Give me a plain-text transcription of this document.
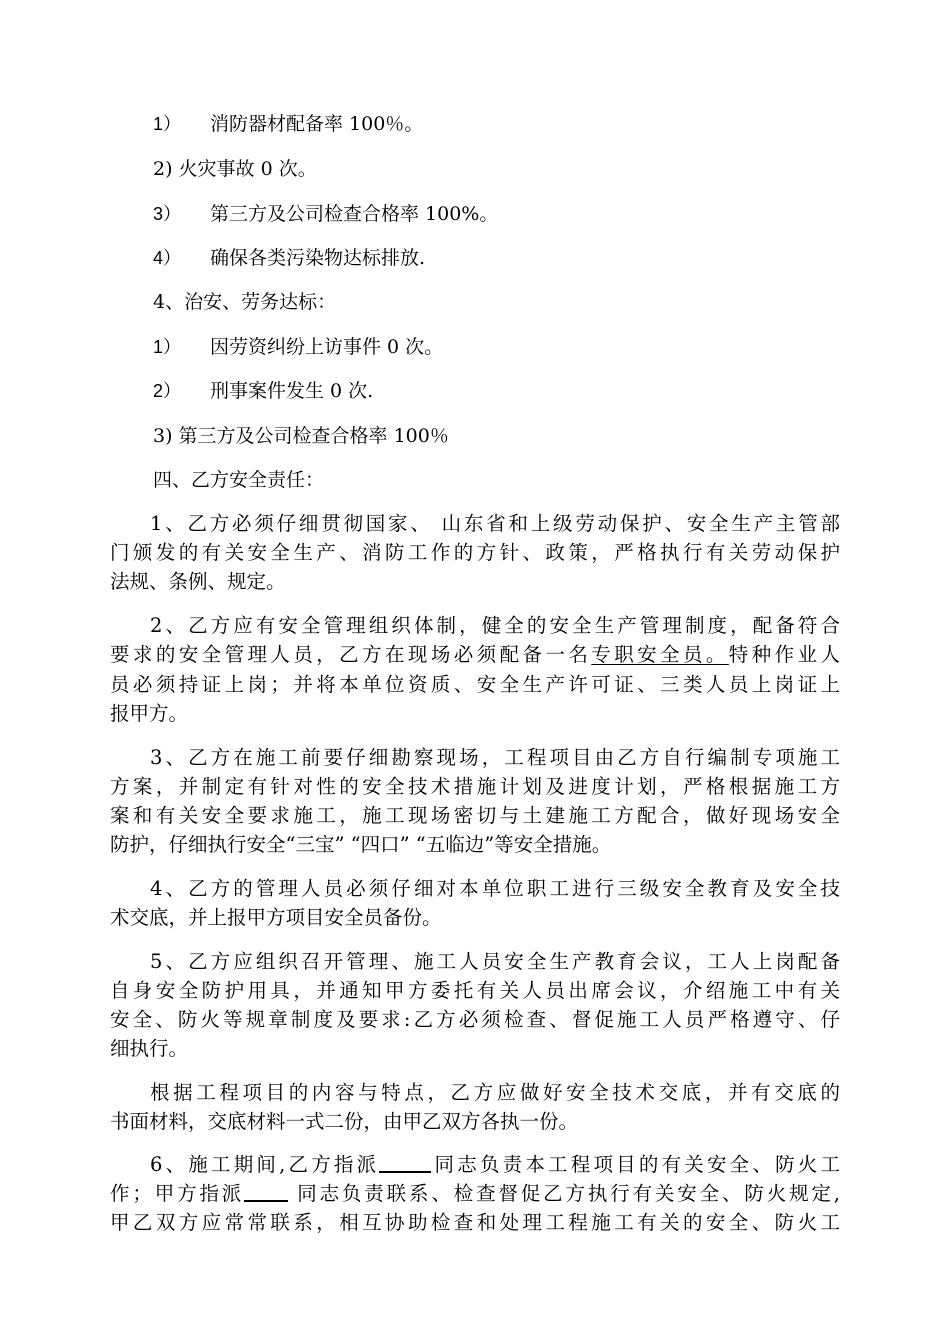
1） 消防器材配备率 100％。
2) 火灾事故 0 次。
3） 第三方及公司检查合格率 100%。
4） 确保各类污染物达标排放.
4、治安、劳务达标：
1） 因劳资纠纷上访事件 0 次。
2） 刑事案件发生 0 次.
3) 第三方及公司检查合格率 100％
四、乙方安全责任：
1、乙方必须仔细贯彻国家、 山东省和上级劳动保护、安全生产主管部
门颁发的有关安全生产、消防工作的方针、政策，严格执行有关劳动保护
法规、条例、规定。
2、乙方应有安全管理组织体制，健全的安全生产管理制度，配备符合
要求的安全管理人员，乙方在现场必须配备一名专职安全员。特种作业人
员必须持证上岗；并将本单位资质、安全生产许可证、三类人员上岗证上
报甲方。
3、乙方在施工前要仔细勘察现场，工程项目由乙方自行编制专项施工
方案，并制定有针对性的安全技术措施计划及进度计划，严格根据施工方
案和有关安全要求施工，施工现场密切与土建施工方配合，做好现场安全
防护，仔细执行安全“三宝” “四口” “五临边”等安全措施。
4、乙方的管理人员必须仔细对本单位职工进行三级安全教育及安全技
术交底，并上报甲方项目安全员备份。
5、乙方应组织召开管理、施工人员安全生产教育会议，工人上岗配备
自身安全防护用具，并通知甲方委托有关人员出席会议，介绍施工中有关
安全、防火等规章制度及要求:乙方必须检查、督促施工人员严格遵守、仔
细执行。
根据工程项目的内容与特点，乙方应做好安全技术交底，并有交底的
书面材料，交底材料一式二份，由甲乙双方各执一份。
6、施工期间,乙方指派	同志负责本工程项目的有关安全、防火工
作；甲方指派 同志负责联系、检查督促乙方执行有关安全、防火规定,
甲乙双方应常常联系，相互协助检查和处理工程施工有关的安全、防火工
